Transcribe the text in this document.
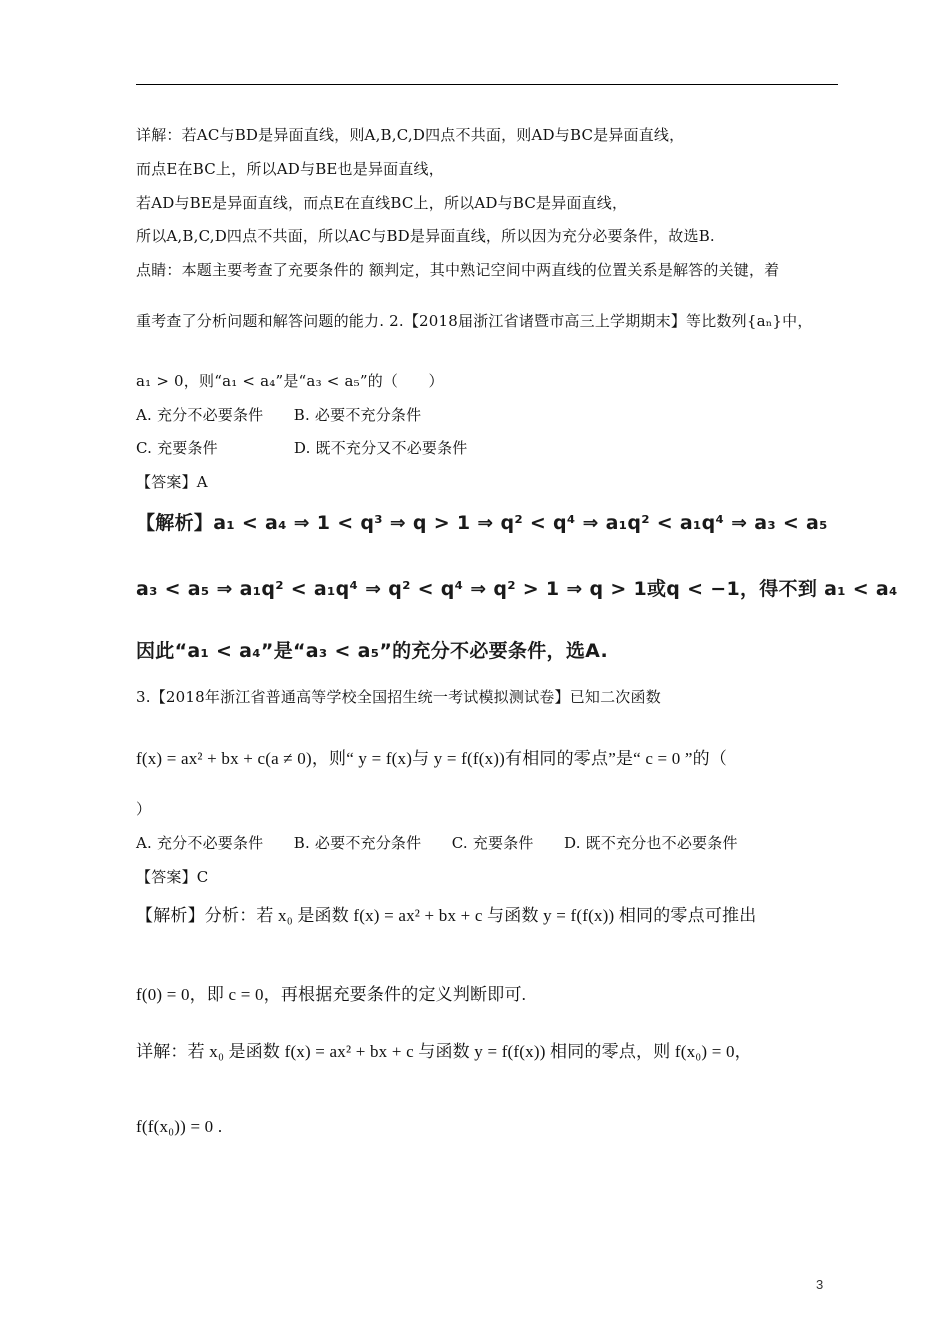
详解：若AC与BD是异面直线，则A,B,C,D四点不共面，则AD与BC是异面直线，
而点E在BC上，所以AD与BE也是异面直线，
若AD与BE是异面直线，而点E在直线BC上，所以AD与BC是异面直线，
所以A,B,C,D四点不共面，所以AC与BD是异面直线，所以因为充分必要条件，故选B.
点睛：本题主要考查了充要条件的 额判定，其中熟记空间中两直线的位置关系是解答的关键，着
重考查了分析问题和解答问题的能力. 2.【2018届浙江省诸暨市高三上学期期末】等比数列{aₙ}中，
a₁ > 0，则“a₁ < a₄”是“a₃ < a₅”的（　　）
A. 充分不必要条件　　B. 必要不充分条件
C. 充要条件　　　　　D. 既不充分又不必要条件
【答案】A
【解析】a₁ < a₄ ⇒ 1 < q³ ⇒ q > 1 ⇒ q² < q⁴ ⇒ a₁q² < a₁q⁴ ⇒ a₃ < a₅
a₃ < a₅ ⇒ a₁q² < a₁q⁴ ⇒ q² < q⁴ ⇒ q² > 1 ⇒ q > 1或q < −1，得不到 a₁ < a₄
因此“a₁ < a₄”是“a₃ < a₅”的充分不必要条件，选A.
3.【2018年浙江省普通高等学校全国招生统一考试模拟测试卷】已知二次函数
f(x) = ax² + bx + c(a ≠ 0)，则“ y = f(x)与 y = f(f(x))有相同的零点”是“ c = 0 ”的（
）
A. 充分不必要条件　　B. 必要不充分条件　　C. 充要条件　　D. 既不充分也不必要条件
【答案】C
【解析】分析：若 x₀ 是函数 f(x) = ax² + bx + c 与函数 y = f(f(x)) 相同的零点可推出
f(0) = 0，即 c = 0，再根据充要条件的定义判断即可.
详解：若 x₀ 是函数 f(x) = ax² + bx + c 与函数 y = f(f(x)) 相同的零点，则 f(x₀) = 0，
f(f(x₀)) = 0 .
3
